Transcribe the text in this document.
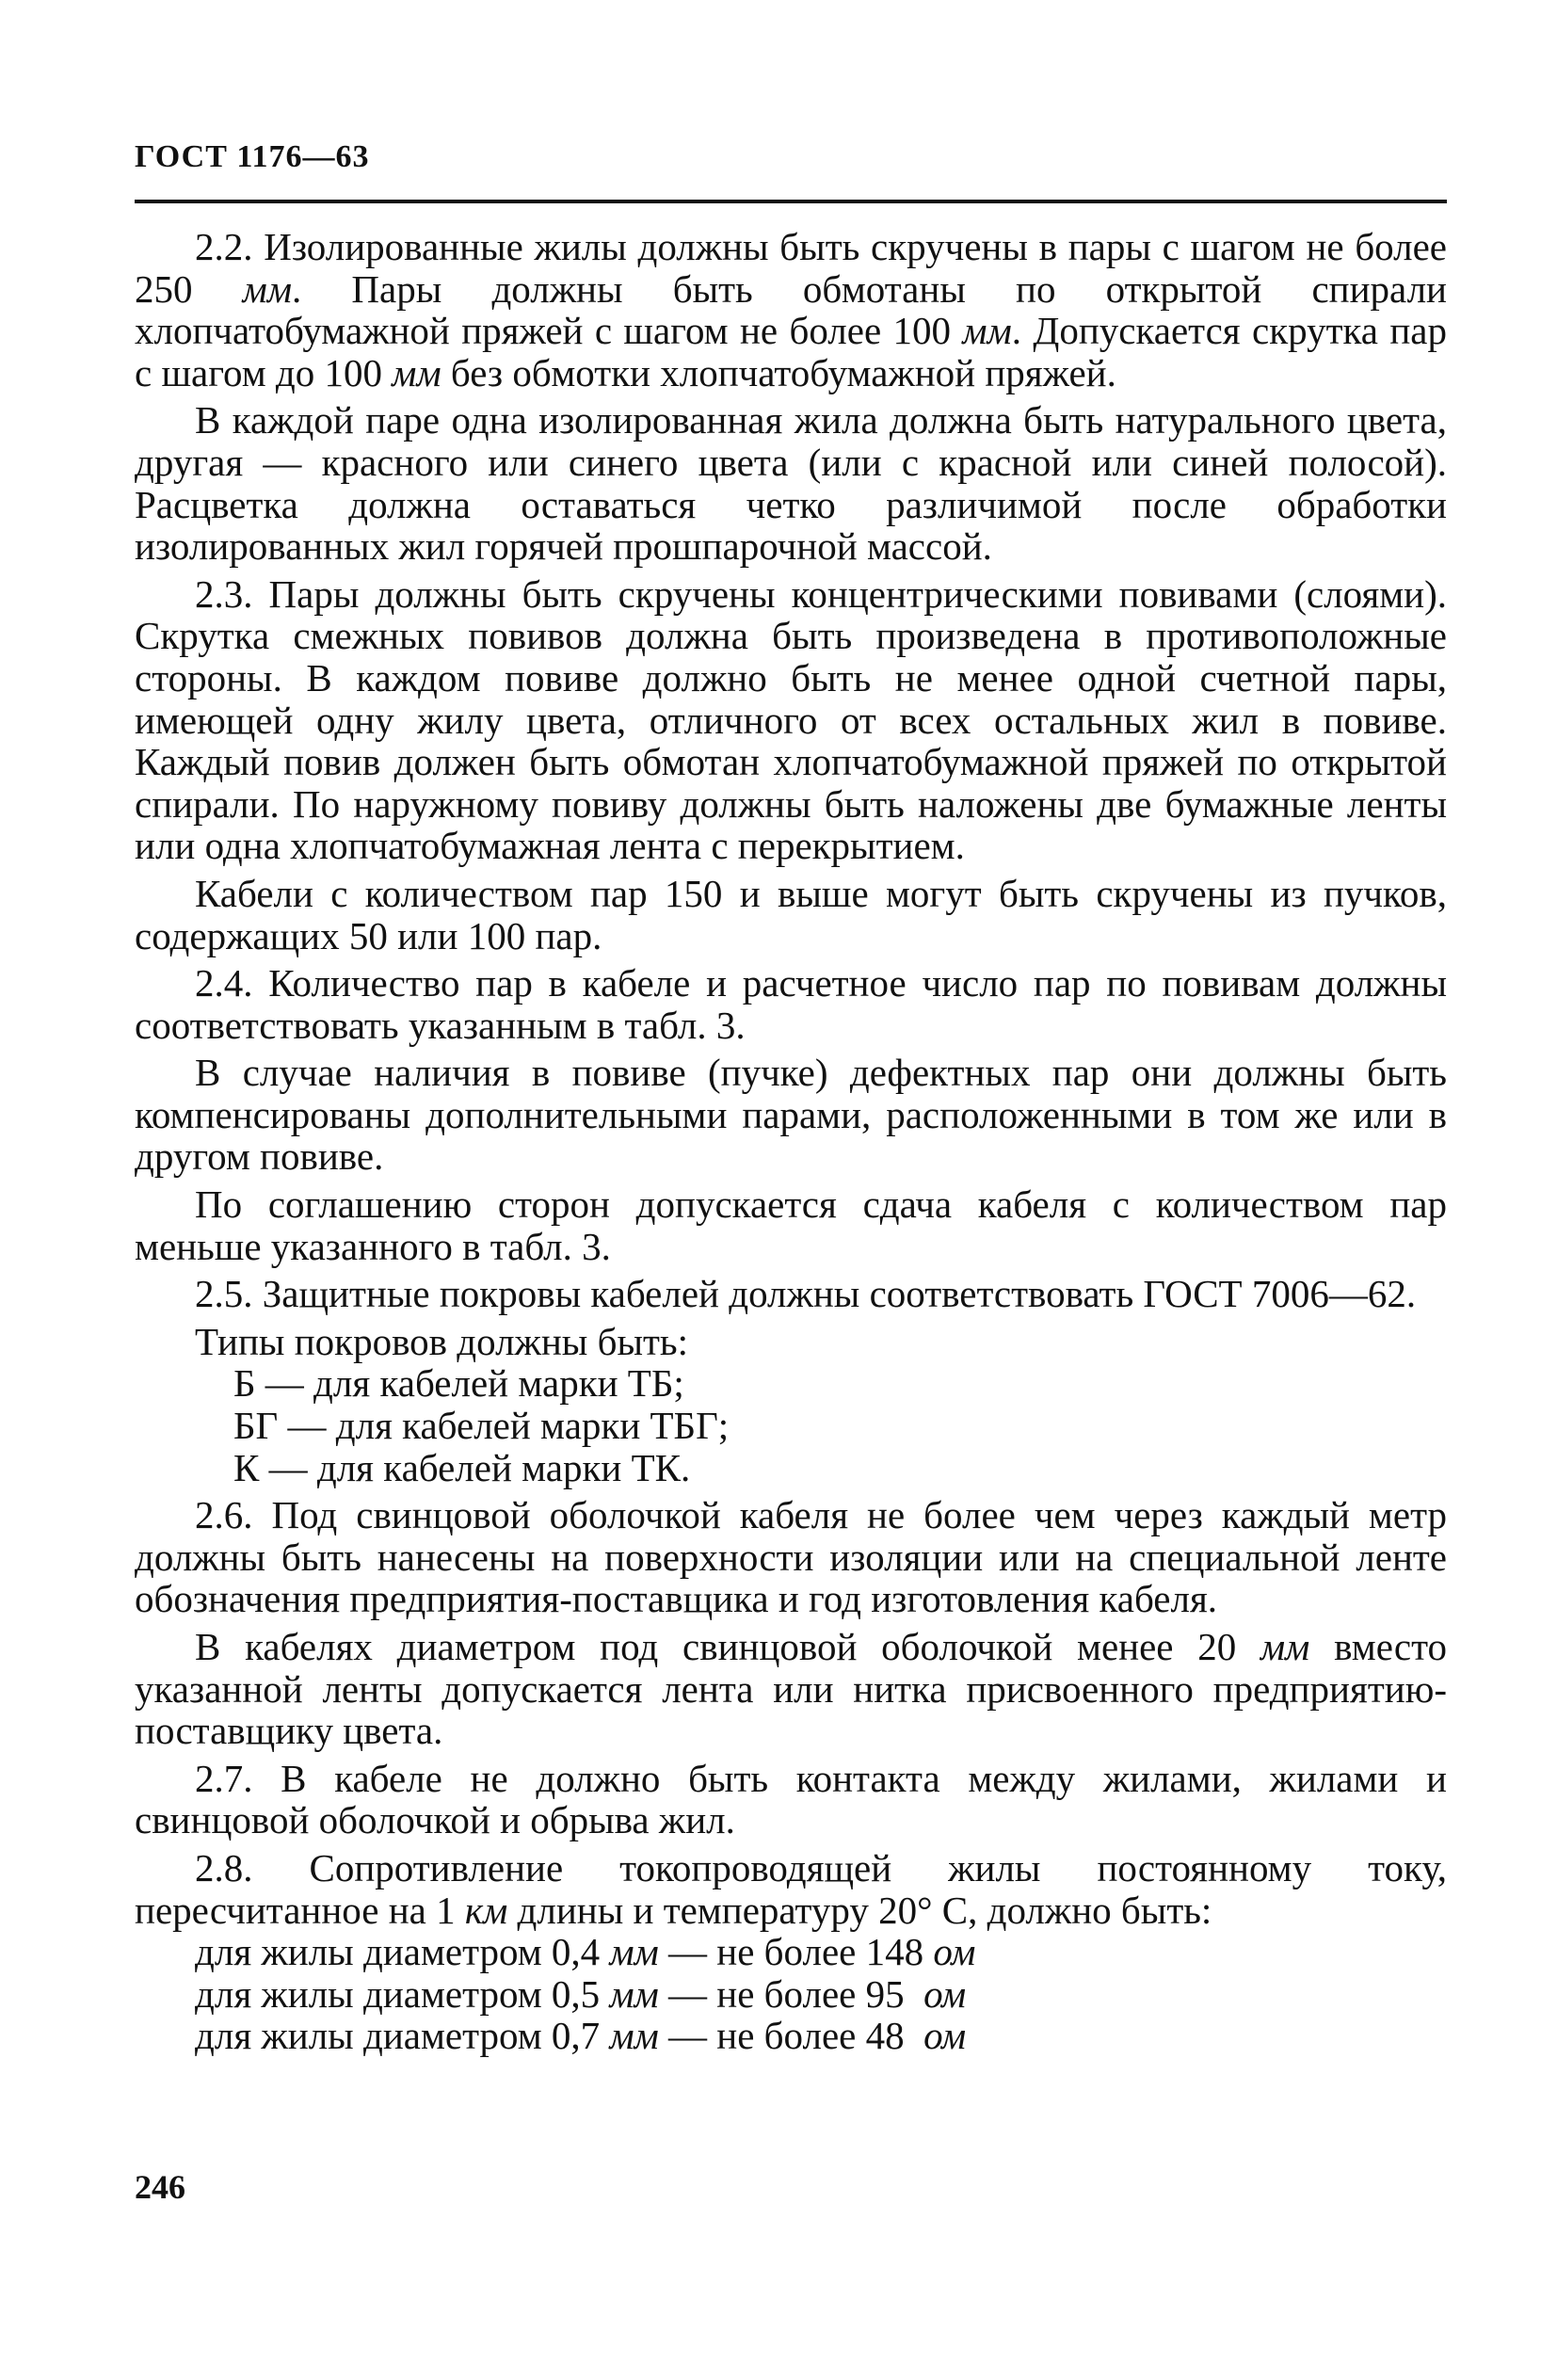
ГОСТ 1176—63

2.2. Изолированные жилы должны быть скручены в пары с шагом не более 250 мм. Пары должны быть обмотаны по открытой спирали хлопчатобумажной пряжей с шагом не более 100 мм. Допускается скрутка пар с шагом до 100 мм без обмотки хлопчатобумажной пряжей.

В каждой паре одна изолированная жила должна быть натурального цвета, другая — красного или синего цвета (или с красной или синей полосой). Расцветка должна оставаться четко различимой после обработки изолированных жил горячей прошпарочной массой.

2.3. Пары должны быть скручены концентрическими повивами (слоями). Скрутка смежных повивов должна быть произведена в противоположные стороны. В каждом повиве должно быть не менее одной счетной пары, имеющей одну жилу цвета, отличного от всех остальных жил в повиве. Каждый повив должен быть обмотан хлопчатобумажной пряжей по открытой спирали. По наружному повиву должны быть наложены две бумажные ленты или одна хлопчатобумажная лента с перекрытием.

Кабели с количеством пар 150 и выше могут быть скручены из пучков, содержащих 50 или 100 пар.

2.4. Количество пар в кабеле и расчетное число пар по повивам должны соответствовать указанным в табл. 3.

В случае наличия в повиве (пучке) дефектных пар они должны быть компенсированы дополнительными парами, расположенными в том же или в другом повиве.

По соглашению сторон допускается сдача кабеля с количеством пар меньше указанного в табл. 3.

2.5. Защитные покровы кабелей должны соответствовать ГОСТ 7006—62.

Типы покровов должны быть:

Б — для кабелей марки ТБ;

БГ — для кабелей марки ТБГ;

К — для кабелей марки ТК.

2.6. Под свинцовой оболочкой кабеля не более чем через каждый метр должны быть нанесены на поверхности изоляции или на специальной ленте обозначения предприятия-поставщика и год изготовления кабеля.

В кабелях диаметром под свинцовой оболочкой менее 20 мм вместо указанной ленты допускается лента или нитка присвоенного предприятию-поставщику цвета.

2.7. В кабеле не должно быть контакта между жилами, жилами и свинцовой оболочкой и обрыва жил.

2.8. Сопротивление токопроводящей жилы постоянному току, пересчитанное на 1 км длины и температуру 20° С, должно быть:

для жилы диаметром 0,4 мм — не более 148 ом

для жилы диаметром 0,5 мм — не более 95 ом

для жилы диаметром 0,7 мм — не более 48 ом

246
